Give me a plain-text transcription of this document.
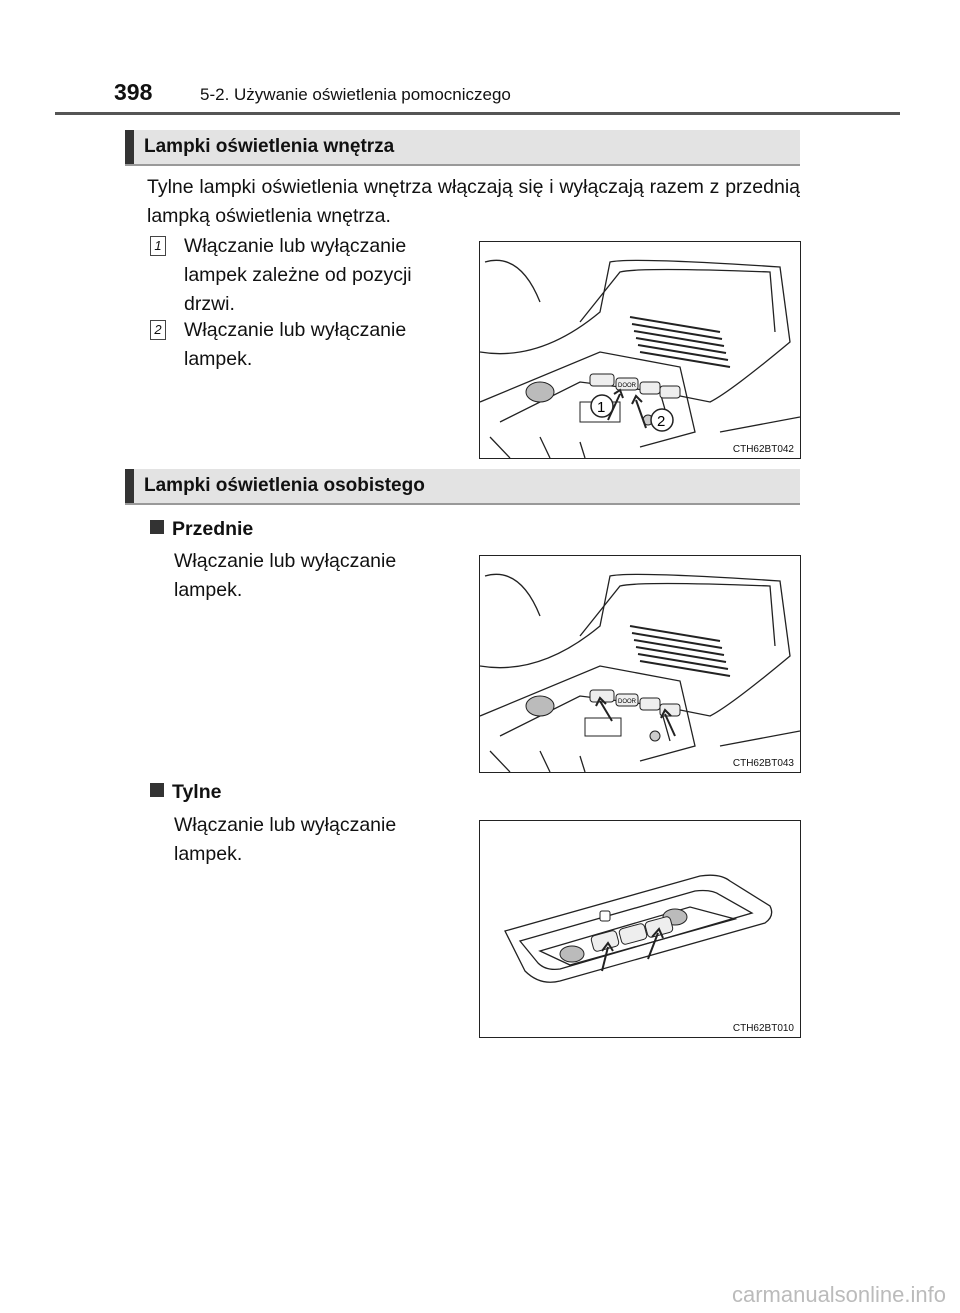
398	5-2. Używanie oświetlenia pomocniczego
Lampki oświetlenia wnętrza

Tylne lampki oświetlenia wnętrza włączają się i wyłączają razem z przednią lampką oświetlenia wnętrza.

1 Włączanie lub wyłączanie lampek zależne od pozycji drzwi.
2 Włączanie lub wyłączanie lampek.
DOOR
1
2
CTH62BT042
Lampki oświetlenia osobistego
Przednie
Włączanie lub wyłączanie lampek.
DOOR
CTH62BT043
Tylne
Włączanie lub wyłączanie lampek.
CTH62BT010
carmanualsonline.info
